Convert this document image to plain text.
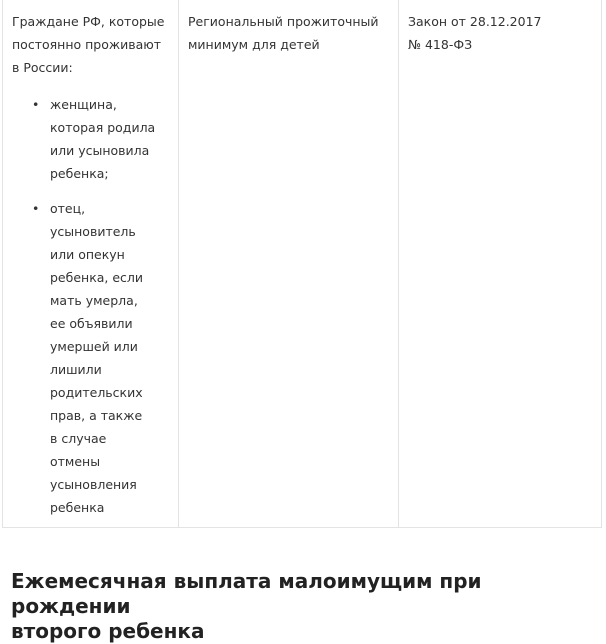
Граждане РФ, которые
постоянно проживают
в России:
• женщина,
которая родила
или усыновила
ребенка;
• отец,
усыновитель
или опекун
ребенка, если
мать умерла,
ее объявили
умершей или
лишили
родительских
прав, а также
в случае отмены
усыновления
ребенка
Региональный прожиточный
минимум для детей
Закон от 28.12.2017
№ 418-ФЗ
Ежемесячная выплата малоимущим при рождении
второго ребенка
